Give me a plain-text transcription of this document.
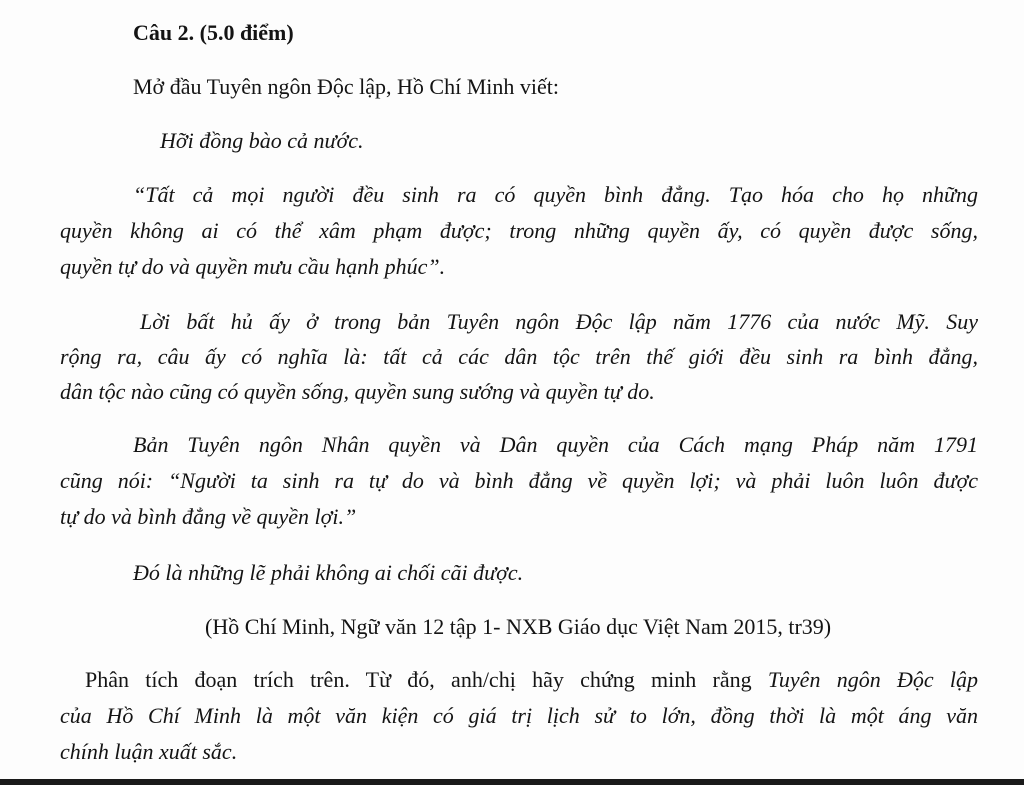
Câu 2. (5.0 điểm)
Mở đầu Tuyên ngôn Độc lập, Hồ Chí Minh viết:
Hỡi đồng bào cả nước.
“Tất cả mọi người đều sinh ra có quyền bình đẳng. Tạo hóa cho họ những
quyền không ai có thể xâm phạm được; trong những quyền ấy, có quyền được sống,
quyền tự do và quyền mưu cầu hạnh phúc”.
Lời bất hủ ấy ở trong bản Tuyên ngôn Độc lập năm 1776 của nước Mỹ. Suy
rộng ra, câu ấy có nghĩa là: tất cả các dân tộc trên thế giới đều sinh ra bình đẳng,
dân tộc nào cũng có quyền sống, quyền sung sướng và quyền tự do.
Bản Tuyên ngôn Nhân quyền và Dân quyền của Cách mạng Pháp năm 1791
cũng nói: “Người ta sinh ra tự do và bình đẳng về quyền lợi; và phải luôn luôn được
tự do và bình đẳng về quyền lợi.”
Đó là những lẽ phải không ai chối cãi được.
(Hồ Chí Minh, Ngữ văn 12 tập 1- NXB Giáo dục Việt Nam 2015, tr39)
Phân tích đoạn trích trên. Từ đó, anh/chị hãy chứng minh rằng Tuyên ngôn Độc lập
của Hồ Chí Minh là một văn kiện có giá trị lịch sử to lớn, đồng thời là một áng văn
chính luận xuất sắc.
